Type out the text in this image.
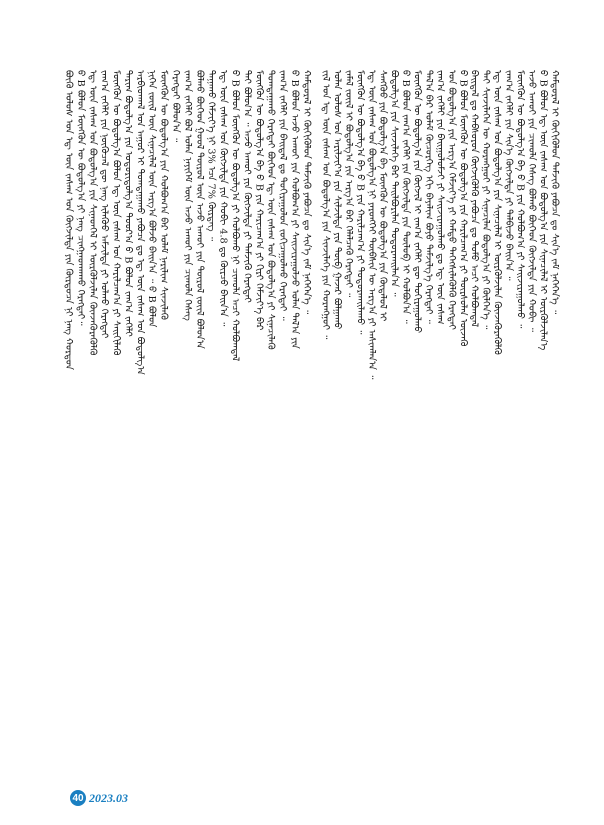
ᠪᠦᠬᠦ ᠤᠯᠤᠰ ᠤᠨ ᠡᠳ᠋ ᠦᠨ ᠵᠠᠰᠠᠭ ᠤᠨ ᠬᠥᠭᠵᠢᠯᠲᠡ ᠶᠢᠨ ᠬᠦᠷᠳᠦᠴᠡ ᠨᠢ ᠨᠡᠩ ᠬᠤᠷᠳᠤᠨ ᠪ B ᠪᠤᠯᠤᠨ ᠮᠥᠩᠭᠦᠨ ᠦ ᠪᠣᠳᠣᠯᠭ᠎ᠠ ᠶᠢ ᠨᠡᠩ ᠴᠢᠩᠭᠠᠳᠬᠠᠬᠤ ᠬᠡᠷᠡᠭᠲᠡᠢ᠃ ᠡᠳ᠋ ᠦᠨ ᠵᠠᠰᠠᠭ ᠤᠨ ᠪᠣᠳᠣᠯᠭ᠎ᠠ ᠶᠢᠨ ᠰᠢᠨᠡᠳᠬᠡᠯ ᠢ ᠦᠷᠭᠦᠯᠵᠢᠯᠡᠨ ᠭᠦᠨᠵᠡᠭᠦᠷᠡᠭᠦᠯᠬᠦ ᠵᠠᠬ᠎ᠠ ᠵᠡᠭᠡᠯᠢ ᠶᠢᠨ ᠨᠥᠬᠦᠴᠡᠯ ᠳᠦ ᠨᠡᠩ ᠢᠯᠡᠭᠦᠦ ᠠᠮᠵᠢᠯᠲᠠ ᠶᠢ ᠣᠯᠬᠤ ᠬᠡᠷᠡᠭᠲᠡᠢ ᠮᠥᠩᠭᠦᠨ ᠦ ᠪᠣᠳᠣᠯᠭ᠎ᠠ ᠪᠤᠯᠤᠨ ᠡᠳ᠋ ᠦᠨ ᠵᠠᠰᠠᠭ ᠤᠨ ᠬᠠᠷᠢᠯᠴᠠᠭ᠎ᠠ ᠶᠢ ᠰᠡᠢᠬᠢᠯᠡᠬᠦ ᠲᠠᠷᠢᠭ ᠪᠣᠳᠣᠯᠭ᠎ᠠ ᠶᠢᠨ ᠤᠳᠤᠷᠢᠳᠤᠯᠭ᠎ᠠ ᠳᠤᠤᠷ᠎ᠠ ᠪ B ᠪᠤᠯᠤᠨ ᠵᠠᠬ᠎ᠠ ᠵᠡᠭᠡᠯᠢ ᠠᠷᠪᠢᠳᠬᠠᠯ ᠤᠨ ᠠᠭᠤᠷ ᠢ ᠲᠣᠭᠲᠠᠭᠠᠬᠤ ᠶᠠᠪᠤᠴᠠ ᠳᠤ ᠡᠳ᠋ ᠦᠨ ᠵᠠᠰᠠᠭ ᠤᠨ ᠪᠣᠳᠣᠯᠭ᠎ᠠ ᠨᠢᠭᠡᠨ ᠵᠦᠢᠯ ᠦᠨ ᠰᠢᠨᠡᠴᠢᠯᠡᠯ ᠦᠨ ᠠᠷᠭ᠎ᠠ ᠪᠣᠯᠵᠤ ᠪᠠᠢᠨ᠎ᠠ ᠃ ᠪ B ᠪᠤᠯᠤᠨ ᠮᠥᠩᠭᠦᠨ ᠦ ᠪᠣᠳᠣᠯᠭ᠎ᠠ ᠶᠢᠨ ᠬᠣᠯᠪᠣᠭ᠎ᠠ ᠪᠠᠷ ᠤᠯᠠᠮ ᠨᠠᠷᠢᠯᠢᠭ ᠰᠢᠨᠵᠢᠯᠡᠬᠦ ᠬᠡᠷᠡᠭᠲᠡᠢ ᠪᠣᠯᠤᠨ᠎ᠠ ᠃ ᠵᠠᠬ᠎ᠠ ᠵᠡᠭᠡᠯᠢ ᠪᠣᠯ ᠣᠯᠠᠨ ᠨᠡᠶᠢᠭᠡᠮ ᠦᠨ ᠠᠵᠤ ᠠᠬᠤᠢ ᠶᠢᠨ ᠴᠢᠬᠤᠯᠠ ᠬᠡᠰᠡᠭ ᠪᠤᠯᠬᠤ ᠪᠥᠭᠡᠳ ᠭᠣᠣᠯ ᠲᠥᠷᠥᠯ ᠦᠨ ᠠᠵᠤ ᠠᠬᠤᠢ ᠶᠢᠨ ᠲᠥᠷᠥᠯ ᠵᠦᠢᠯ ᠪᠣᠯᠤᠨ᠎ᠠ ᠳᠠᠭᠠᠬᠤ ᠬᠡᠮᠵᠢᠶ᠎ᠡ ᠨᠢ 3% ᠡᠴᠡ 7% ᠬᠦᠷᠳᠡᠭ ᠃ ᠡᠳ᠋ ᠦᠨ ᠵᠠᠰᠠᠭ ᠤᠨ ᠬᠥᠭᠵᠢᠯᠲᠡ ᠶᠢᠨ ᠬᠤᠪᠢ 4.8 ᠳᠤ ᠬᠦᠷᠴᠦ ᠪᠠᠢᠨ᠎ᠠ ᠃ ᠪ B ᠪᠤᠯᠤᠨ ᠮᠥᠩᠭᠦᠨ ᠦ ᠪᠣᠳᠣᠯᠭ᠎ᠠ ᠶᠢ ᠬᠣᠯᠪᠤᠬᠤ ᠨᠢ ᠴᠢᠬᠤᠯᠠ ᠠᠴᠢ ᠬᠣᠯᠪᠣᠭᠳᠠᠯ ᠲᠠᠢ ᠪᠣᠯᠤᠨ᠎ᠠ ᠃ ᠠᠵᠤ ᠠᠬᠤᠢ ᠶᠢᠨ ᠬᠥᠭᠵᠢᠯᠲᠡ ᠶᠢ ᠳᠡᠮᠵᠢᠬᠦ ᠬᠡᠷᠡᠭᠲᠡᠢ ᠮᠥᠩᠭᠦᠨ ᠦ ᠪᠣᠳᠣᠯᠭ᠎ᠠ ᠪᠠ ᠪ B ᠶᠢᠨ ᠬᠠᠷᠢᠴᠠᠭ᠎ᠠ ᠶᠢ ᠬᠢᠷᠢ ᠬᠡᠮᠵᠢᠶ᠎ᠡ ᠪᠡᠷ ᠲᠣᠭᠲᠠᠭᠠᠬᠤ ᠬᠡᠷᠡᠭᠲᠡᠢ ᠪᠥᠭᠡᠳ ᠡᠳ᠋ ᠦᠨ ᠵᠠᠰᠠᠭ ᠤᠨ ᠪᠣᠳᠣᠯᠭ᠎ᠠ ᠶᠢ ᠰᠢᠨᠡᠴᠢᠯᠡᠬᠦ ᠵᠠᠬ᠎ᠠ ᠵᠡᠭᠡᠯᠢ ᠶᠢᠨ ᠪᠠᠢᠳᠠᠯ ᠳᠤ ᠲᠣᠬᠢᠷᠠᠭᠤᠯᠤᠨ ᠵᠣᠬᠢᠴᠠᠭᠤᠯᠬᠤ ᠬᠡᠷᠡᠭᠲᠡᠢ ᠃ ᠪ B ᠪᠤᠯᠤᠨ ᠠᠵᠤ ᠠᠬᠤᠢ ᠶᠢᠨ ᠬᠣᠯᠪᠣᠭ᠎ᠠ ᠶᠢ ᠰᠠᠢᠵᠢᠷᠠᠭᠤᠯᠵᠤ ᠣᠯᠠᠨ ᠲᠠᠯ᠎ᠠ ᠶᠢᠨ ᠬᠠᠮᠲᠤᠷᠠᠯ ᠢ ᠬᠥᠬᠢᠭᠦᠯᠦᠨ ᠳᠡᠮᠵᠢᠬᠦ ᠶᠠᠪᠤᠴᠠ ᠳᠤ ᠰᠢᠨ᠎ᠡ ᠵᠠᠮ ᠨᠡᠭᠡᠭᠡᠨ᠎ᠡ ᠃ ᠵᠢᠯ ᠤᠨ ᠡᠳ᠋ ᠦᠨ ᠵᠠᠰᠠᠭ ᠤᠨ ᠪᠣᠳᠣᠯᠭ᠎ᠠ ᠶᠢᠨ ᠰᠢᠨᠵᠢᠯᠡᠭᠡ ᠶᠢᠨ ᠬᠤᠷᠠᠩᠭᠤᠢ ᠃ ᠣᠯᠠᠨ ᠤᠯᠤᠰ ᠤᠨ ᠠᠷᠢᠯᠵᠢᠶ᠎ᠠ ᠶᠢᠨ ᠰᠢᠯᠵᠢᠯᠲᠡ ᠶᠢᠨ ᠲᠥᠪ ᠭᠠᠵᠠᠷ ᠪᠣᠯᠭᠠᠬᠤ ᠵᠠᠮᠠᠯ ᠵᠦᠢᠯ ᠢ ᠪᠣᠳᠣᠯᠭ᠎ᠠ ᠶᠢᠨ ᠠᠷᠭ᠎ᠠ ᠪᠠᠷ ᠬᠡᠯᠡᠯᠴᠡᠬᠦ ᠬᠡᠷᠡᠭᠲᠡᠢ ᠃ ᠮᠥᠩᠭᠦᠨ ᠦ ᠪᠣᠳᠣᠯᠭ᠎ᠠ ᠪᠠ ᠪ B ᠶᠢᠨ ᠬᠠᠷᠢᠯᠴᠠᠭ᠎ᠠ ᠶᠢ ᠲᠣᠳᠣᠷᠬᠠᠢᠯᠠᠬᠤ ᠃ ᠡᠳ᠋ ᠦᠨ ᠵᠠᠰᠠᠭ ᠤᠨ ᠪᠣᠳᠣᠯᠭ᠎ᠠ ᠨᠢ ᠶᠡᠷᠦᠩᠬᠡᠢ ᠲᠥᠪᠰᠢᠨ ᠦ ᠠᠷᠭ᠎ᠠ ᠶᠢ ᠠᠰᠢᠭᠯᠠᠨ᠎ᠠ ᠃ ᠰᠠᠩᠬᠦᠦ ᠶᠢᠨ ᠪᠣᠳᠣᠯᠭ᠎ᠠ ᠪᠠ ᠮᠥᠩᠭᠦᠨ ᠦ ᠪᠣᠳᠣᠯᠭ᠎ᠠ ᠶᠢᠨ ᠬᠥᠳᠡᠯᠦᠯ ᠢ ᠪᠣᠳᠣᠯᠭ᠎ᠠ ᠶᠢᠨ ᠰᠢᠨᠵᠢᠯᠡᠭᠡ ᠪᠡᠷ ᠲᠠᠢᠯᠪᠤᠷᠢᠯᠠᠨ ᠲᠣᠳᠣᠷᠬᠠᠢᠯᠠᠨ᠎ᠠ ᠃ ᠪ B ᠪᠤᠯᠤᠨ ᠵᠠᠬ᠎ᠠ ᠵᠡᠭᠡᠯᠢ ᠶᠢᠨ ᠬᠥᠭᠵᠢᠯᠲᠡ ᠶᠢᠨ ᠲᠥᠯᠥᠪ ᠢ ᠬᠣᠯᠪᠣᠨ᠎ᠠ ᠃ ᠮᠥᠩᠭᠦᠨ ᠦ ᠪᠣᠳᠣᠯᠭ᠎ᠠ ᠶᠢᠨ ᠬᠥᠭᠵᠢᠯ ᠢ ᠵᠠᠬ᠎ᠠ ᠵᠡᠭᠡᠯᠢ ᠳᠦ ᠲᠣᠬᠢᠷᠠᠭᠤᠯᠬᠤ ᠲᠠᠯ᠎ᠠ ᠪᠡᠷ ᠤᠯᠠᠮ ᠬᠦᠴᠦᠷᠬᠡᠭ ᠡᠬᠢ ᠪᠠᠶᠠᠯᠢᠭ ᠪᠤᠶᠤ ᠳᠡᠮᠵᠢᠯᠭ᠎ᠡ ᠬᠡᠷᠡᠭᠲᠡᠢ ᠃ ᠵᠠᠬ᠎ᠠ ᠵᠡᠭᠡᠯᠢ ᠶᠢᠨ ᠪᠠᠢᠭᠤᠯᠤᠮᠵᠢ ᠶᠢ ᠰᠠᠢᠵᠢᠷᠠᠭᠤᠯᠬᠤ ᠳᠤ ᠡᠳ᠋ ᠦᠨ ᠵᠠᠰᠠᠭ ᠤᠨ ᠪᠣᠳᠣᠯᠭ᠎ᠠ ᠶᠢᠨ ᠠᠷᠭ᠎ᠠ ᠬᠡᠮᠵᠢᠶ᠎ᠡ ᠶᠢ ᠬᠠᠮᠲᠤ ᠳᠡᠭᠡᠭᠰᠢᠯᠡᠭᠦᠯᠬᠦ ᠬᠡᠷᠡᠭᠲᠡᠢ ᠪ B ᠪᠤᠯᠤᠨ ᠮᠥᠩᠭᠦᠨ ᠦ ᠪᠣᠳᠣᠯᠭ᠎ᠠ ᠶᠢᠨ ᠬᠠᠷᠢᠯᠴᠠᠭ᠎ᠠ ᠶᠢ ᠳᠦᠷᠰᠦᠯᠡᠨ ᠦᠵᠡᠬᠦ ᠪᠠᠢᠳᠠᠯ ᠳᠤ ᠬᠠᠪᠰᠤᠷᠤᠨ ᠬᠥᠭᠵᠢᠭᠦᠯᠬᠦ ᠶᠠᠪᠤᠴᠠ ᠳᠤ ᠲᠣᠮᠣ ᠠᠴᠢ ᠬᠣᠯᠪᠣᠭᠳᠠᠯ ᠲᠠᠢ ᠰᠢᠨᠵᠢᠯᠡᠭᠡᠨ ᠦ ᠬᠤᠷᠠᠩᠭᠤᠢ ᠶᠢ ᠰᠢᠨᠡᠴᠢᠯᠡᠨ ᠪᠣᠳᠣᠯᠭ᠎ᠠ ᠶᠢ ᠭᠥᠯᠭᠡᠨ᠎ᠡ ᠃ ᠡᠳ᠋ ᠦᠨ ᠵᠠᠰᠠᠭ ᠤᠨ ᠪᠣᠳᠣᠯᠭ᠎ᠠ ᠶᠢᠨ ᠰᠢᠨᠡᠴᠢᠯᠡᠯ ᠢ ᠦᠷᠭᠦᠯᠵᠢᠯᠡᠨ ᠭᠦᠨᠵᠡᠭᠦᠷᠡᠭᠦᠯᠬᠦ ᠵᠠᠬ᠎ᠠ ᠵᠡᠭᠡᠯᠢ ᠶᠢᠨ ᠰᠢᠨ᠎ᠡ ᠬᠥᠭᠵᠢᠯᠲᠡ ᠶᠢ ᠲᠠᠯᠪᠢᠵᠤ ᠪᠠᠢᠨ᠎ᠠ ᠃ ᠮᠥᠩᠭᠦᠨ ᠦ ᠪᠣᠳᠣᠯᠭ᠎ᠠ ᠪᠠ ᠪ B ᠶᠢᠨ ᠬᠣᠯᠪᠣᠭ᠎ᠠ ᠶᠢ ᠰᠠᠢᠵᠢᠷᠠᠭᠤᠯᠬᠤ ᠃ ᠠᠵᠤ ᠠᠬᠤᠢ ᠶᠢᠨ ᠴᠢᠬᠤᠯᠠ ᠬᠡᠰᠡᠭ ᠪᠤᠯᠬᠤ ᠪᠥᠭᠡᠳ ᠬᠥᠭᠵᠢᠯᠲᠡ ᠶᠢᠨ ᠬᠤᠪᠢ ᠃ ᠪ B ᠪᠤᠯᠤᠨ ᠡᠳ᠋ ᠦᠨ ᠵᠠᠰᠠᠭ ᠤᠨ ᠪᠣᠳᠣᠯᠭ᠎ᠠ ᠶᠢᠨ ᠰᠢᠨᠡᠴᠢᠯᠡᠯ ᠢ ᠦᠷᠭᠦᠯᠵᠢᠯᠡᠨ᠎ᠡ ᠬᠠᠮᠲᠤᠷᠠᠯ ᠢ ᠬᠥᠬᠢᠭᠦᠯᠦᠨ ᠳᠡᠮᠵᠢᠬᠦ ᠶᠠᠪᠤᠴᠠ ᠳᠤ ᠰᠢᠨ᠎ᠡ ᠵᠠᠮ ᠨᠡᠭᠡᠭᠡᠨ᠎ᠡ ᠃
40 2023.03
